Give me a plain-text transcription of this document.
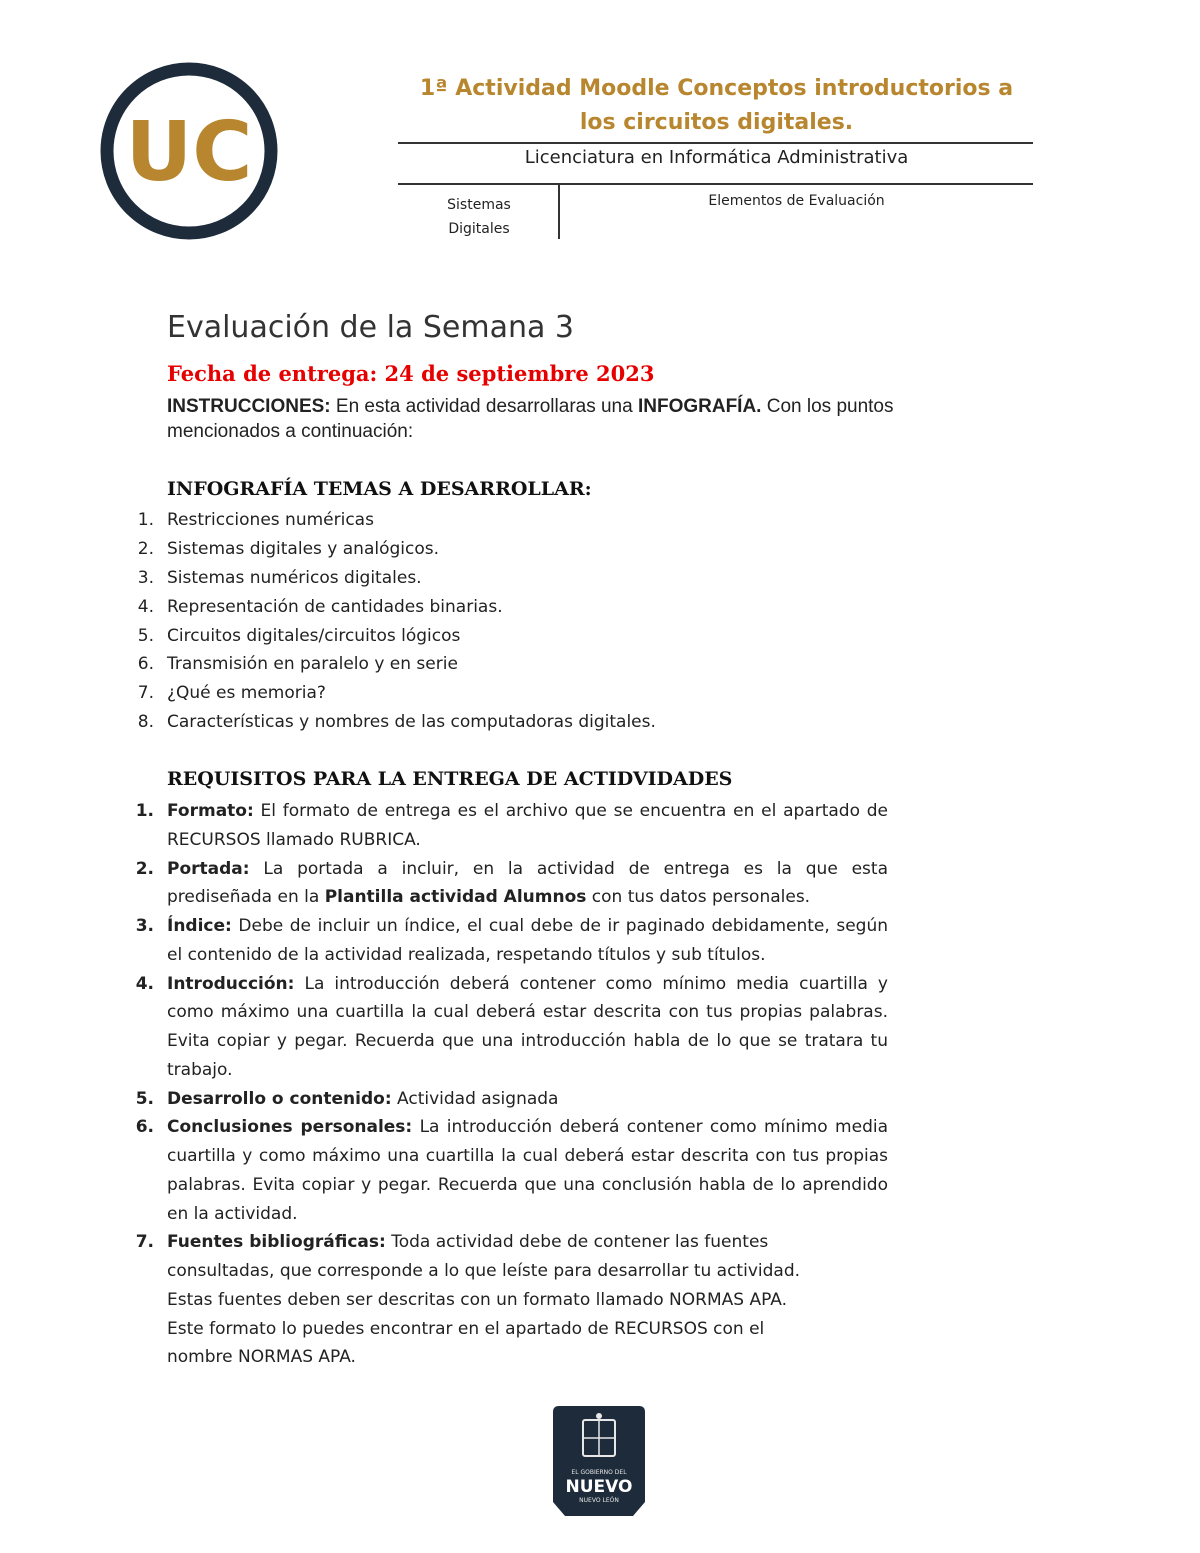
UC
1ª Actividad Moodle Conceptos introductorios a
los circuitos digitales.
Licenciatura en Informática Administrativa
Sistemas
Digitales
Elementos de Evaluación
Evaluación de la Semana 3
Fecha de entrega: 24 de septiembre 2023
INSTRUCCIONES: En esta actividad desarrollaras una INFOGRAFÍA. Con los puntos mencionados a continuación:
INFOGRAFÍA TEMAS A DESARROLLAR:
1. Restricciones numéricas
2. Sistemas digitales y analógicos.
3. Sistemas numéricos digitales.
4. Representación de cantidades binarias.
5. Circuitos digitales/circuitos lógicos
6. Transmisión en paralelo y en serie
7. ¿Qué es memoria?
8. Características y nombres de las computadoras digitales.
REQUISITOS PARA LA ENTREGA DE ACTIDVIDADES
1. Formato: El formato de entrega es el archivo que se encuentra en el apartado de RECURSOS llamado RUBRICA.
2. Portada: La portada a incluir, en la actividad de entrega es la que esta prediseñada en la Plantilla actividad Alumnos con tus datos personales.
3. Índice: Debe de incluir un índice, el cual debe de ir paginado debidamente, según el contenido de la actividad realizada, respetando títulos y sub títulos.
4. Introducción: La introducción deberá contener como mínimo media cuartilla y como máximo una cuartilla la cual deberá estar descrita con tus propias palabras. Evita copiar y pegar. Recuerda que una introducción habla de lo que se tratara tu trabajo.
5. Desarrollo o contenido: Actividad asignada
6. Conclusiones personales: La introducción deberá contener como mínimo media cuartilla y como máximo una cuartilla la cual deberá estar descrita con tus propias palabras. Evita copiar y pegar. Recuerda que una conclusión habla de lo aprendido en la actividad.
7. Fuentes bibliográficas: Toda actividad debe de contener las fuentes consultadas, que corresponde a lo que leíste para desarrollar tu actividad. Estas fuentes deben ser descritas con un formato llamado NORMAS APA. Este formato lo puedes encontrar en el apartado de RECURSOS con el nombre NORMAS APA.
EL GOBIERNO DEL
NUEVO
NUEVO LEÓN
